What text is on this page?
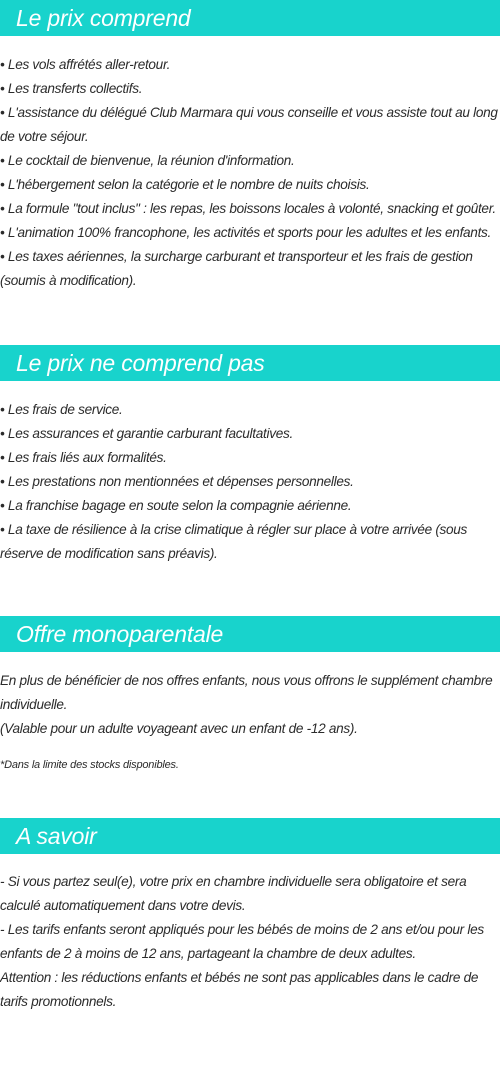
Le prix comprend
• Les vols affrétés aller-retour.
• Les transferts collectifs.
• L'assistance du délégué Club Marmara qui vous conseille et vous assiste tout au long de votre séjour.
• Le cocktail de bienvenue, la réunion d'information.
• L'hébergement selon la catégorie et le nombre de nuits choisis.
• La formule "tout inclus" : les repas, les boissons locales à volonté, snacking et goûter.
• L'animation 100% francophone, les activités et sports pour les adultes et les enfants.
• Les taxes aériennes, la surcharge carburant et transporteur et les frais de gestion (soumis à modification).
Le prix ne comprend pas
• Les frais de service.
• Les assurances et garantie carburant facultatives.
• Les frais liés aux formalités.
• Les prestations non mentionnées et dépenses personnelles.
• La franchise bagage en soute selon la compagnie aérienne.
• La taxe de résilience à la crise climatique à régler sur place à votre arrivée (sous réserve de modification sans préavis).
Offre monoparentale

En plus de bénéficier de nos offres enfants, nous vous offrons le supplément chambre individuelle.

(Valable pour un adulte voyageant avec un enfant de -12 ans).

*Dans la limite des stocks disponibles.

A savoir

- Si vous partez seul(e), votre prix en chambre individuelle sera obligatoire et sera calculé automatiquement dans votre devis.

- Les tarifs enfants seront appliqués pour les bébés de moins de 2 ans et/ou pour les enfants de 2 à moins de 12 ans, partageant la chambre de deux adultes.

Attention : les réductions enfants et bébés ne sont pas applicables dans le cadre de tarifs promotionnels.
